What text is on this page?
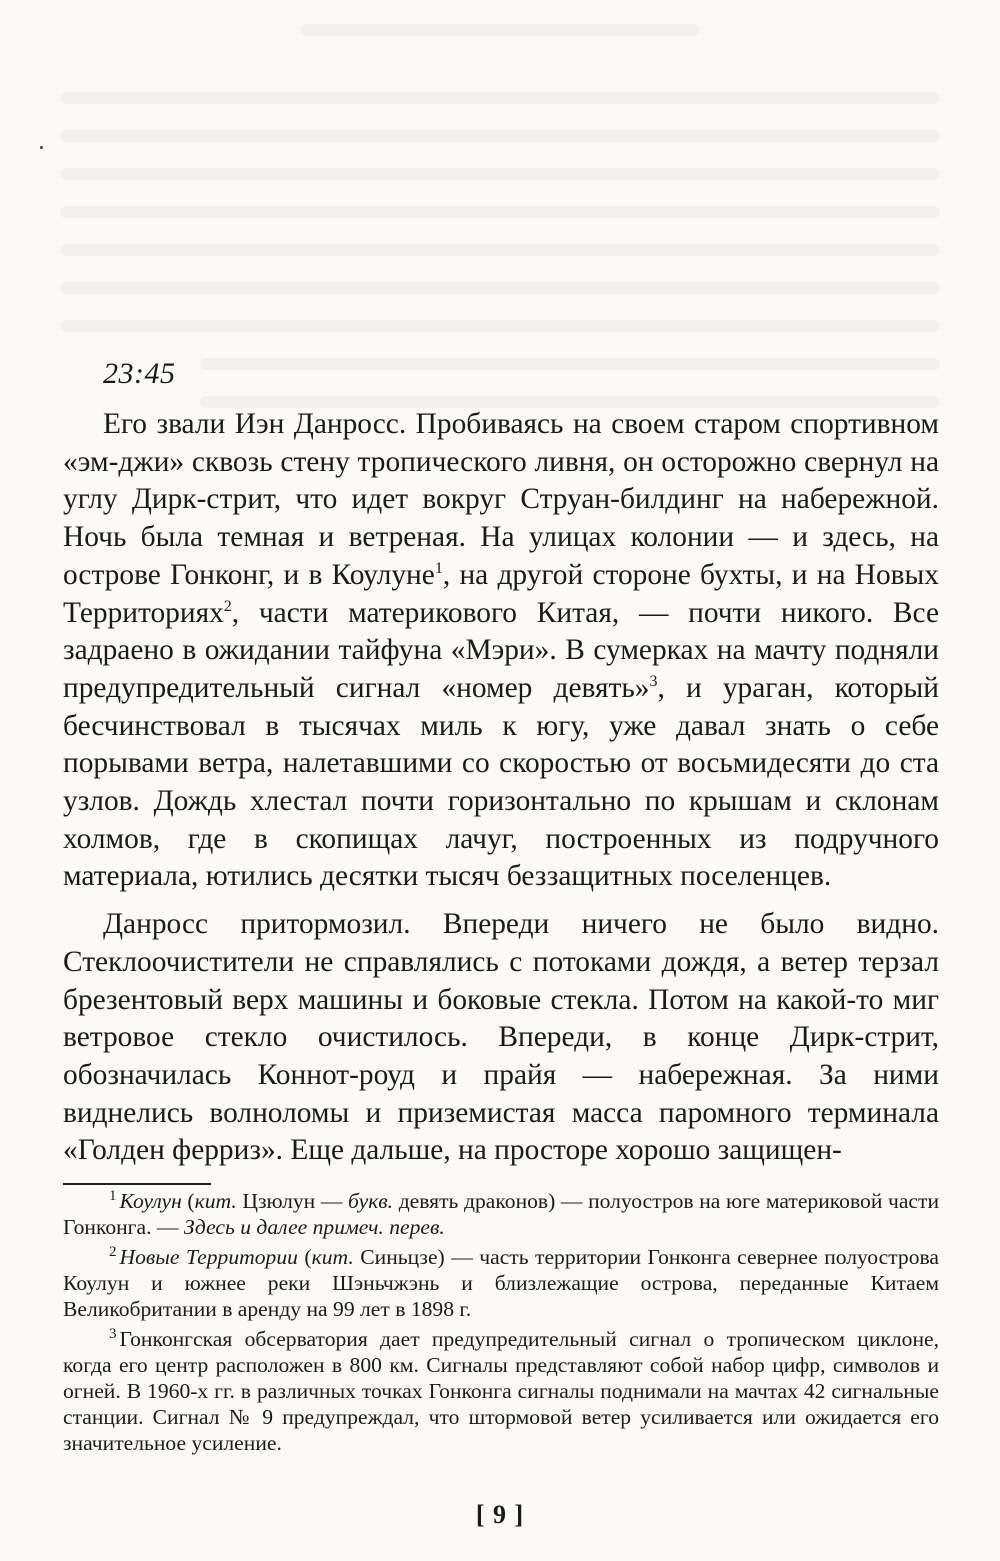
23:45

Его звали Иэн Данросс. Пробиваясь на своем старом спортивном «эм-джи» сквозь стену тропического ливня, он осторожно свернул на углу Дирк-стрит, что идет вокруг Струан-билдинг на набережной. Ночь была темная и ветреная. На улицах колонии — и здесь, на острове Гонконг, и в Коулуне$^1$, на другой стороне бухты, и на Новых Территориях$^2$, части материкового Китая, — почти никого. Все задраено в ожидании тайфуна «Мэри». В сумерках на мачту подняли предупредительный сигнал «номер девять»$^3$, и ураган, который бесчинствовал в тысячах миль к югу, уже давал знать о себе порывами ветра, налетавшими со скоростью от восьмидесяти до ста узлов. Дождь хлестал почти горизонтально по крышам и склонам холмов, где в скопищах лачуг, построенных из подручного материала, ютились десятки тысяч беззащитных поселенцев.

Данросс притормозил. Впереди ничего не было видно. Стеклоочистители не справлялись с потоками дождя, а ветер терзал брезентовый верх машины и боковые стекла. Потом на какой-то миг ветровое стекло очистилось. Впереди, в конце Дирк-стрит, обозначилась Коннот-роуд и прайя — набережная. За ними виднелись волноломы и приземистая масса паромного терминала «Голден ферриз». Еще дальше, на просторе хорошо защищен-

$^1$ Коулун (кит. Цзюлун — букв. девять драконов) — полуостров на юге материковой части Гонконга. — Здесь и далее примеч. перев.

$^2$ Новые Территории (кит. Синьцзе) — часть территории Гонконга севернее полуострова Коулун и южнее реки Шэньчжэнь и близлежащие острова, переданные Китаем Великобритании в аренду на 99 лет в 1898 г.

$^3$ Гонконгская обсерватория дает предупредительный сигнал о тропическом циклоне, когда его центр расположен в 800 км. Сигналы представляют собой набор цифр, символов и огней. В 1960-х гг. в различных точках Гонконга сигналы поднимали на мачтах 42 сигнальные станции. Сигнал № 9 предупреждал, что штормовой ветер усиливается или ожидается его значительное усиление.

[ 9 ]
